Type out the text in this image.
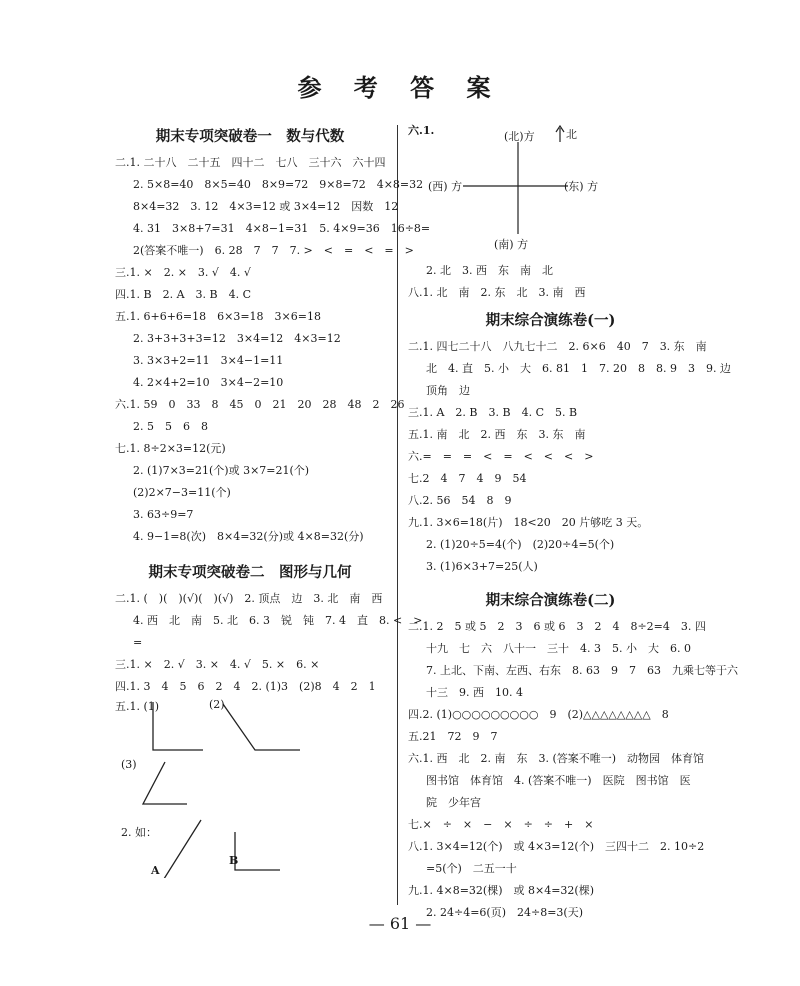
参 考 答 案
期末专项突破卷一　数与代数
二.1. 二十八　二十五　四十二　七八　三十六　六十四
2. 5×8=40　8×5=40　8×9=72　9×8=72　4×8=32
8×4=32　3. 12　4×3=12 或 3×4=12　因数　12
4. 31　3×8+7=31　4×8−1=31　5. 4×9=36　16÷8=
2(答案不唯一)　6. 28　7　7　7. >　<　=　<　=　>
三.1. ×　2. ×　3. √　4. √
四.1. B　2. A　3. B　4. C
五.1. 6+6+6=18　6×3=18　3×6=18
2. 3+3+3+3=12　3×4=12　4×3=12
3. 3×3+2=11　3×4−1=11
4. 2×4+2=10　3×4−2=10
六.1. 59　0　33　8　45　0　21　20　28　48　2　26
2. 5　5　6　8
七.1. 8÷2×3=12(元)
2. (1)7×3=21(个)或 3×7=21(个)
(2)2×7−3=11(个)
3. 63÷9=7
4. 9−1=8(次)　8×4=32(分)或 4×8=32(分)
期末专项突破卷二　图形与几何
二.1. (　)(　)(√)(　)(√)　2. 顶点　边　3. 北　南　西
4. 西　北　南　5. 北　6. 3　锐　钝　7. 4　直　8. <　>
=
三.1. ×　2. √　3. ×　4. √　5. ×　6. ×
四.1. 3　4　5　6　2　4　2. (1)3　(2)8　4　2　1
五.1. (1)	(2)
(3)
2. 如：
A
B
六.1.	(北)方	北
(西) 方	(东) 方
(南) 方
2. 北　3. 西　东　南　北
八.1. 北　南　2. 东　北　3. 南　西
期末综合演练卷(一)
二.1. 四七二十八　八九七十二　2. 6×6　40　7　3. 东　南
北　4. 直　5. 小　大　6. 81　1　7. 20　8　8. 9　3　9. 边
顶角　边
三.1. A　2. B　3. B　4. C　5. B
五.1. 南　北　2. 西　东　3. 东　南
六.=　=　=　<　=　<　<　<　>
七.2　4　7　4　9　54
八.2. 56　54　8　9
九.1. 3×6=18(片)　18<20　20 片够吃 3 天。
2. (1)20÷5=4(个)　(2)20÷4=5(个)
3. (1)6×3+7=25(人)
期末综合演练卷(二)
二.1. 2　5 或 5　2　3　6 或 6　3　2　4　8÷2=4　3. 四
十九　七　六　八十一　三十　4. 3　5. 小　大　6. 0
7. 上北、下南、左西、右东　8. 63　9　7　63　九乘七等于六
十三　9. 西　10. 4
四.2. (1)○○○○○○○○○　9　(2)△△△△△△△△　8
五.21　72　9　7
六.1. 西　北　2. 南　东　3. (答案不唯一)　动物园　体育馆
图书馆　体育馆　4. (答案不唯一)　医院　图书馆　医
院　少年宫
七.×　÷　×　−　×　÷　÷　+　×
八.1. 3×4=12(个)　或 4×3=12(个)　三四十二　2. 10÷2
=5(个)　二五一十
九.1. 4×8=32(棵)　或 8×4=32(棵)
2. 24÷4=6(页)　24÷8=3(天)
— 61 —
